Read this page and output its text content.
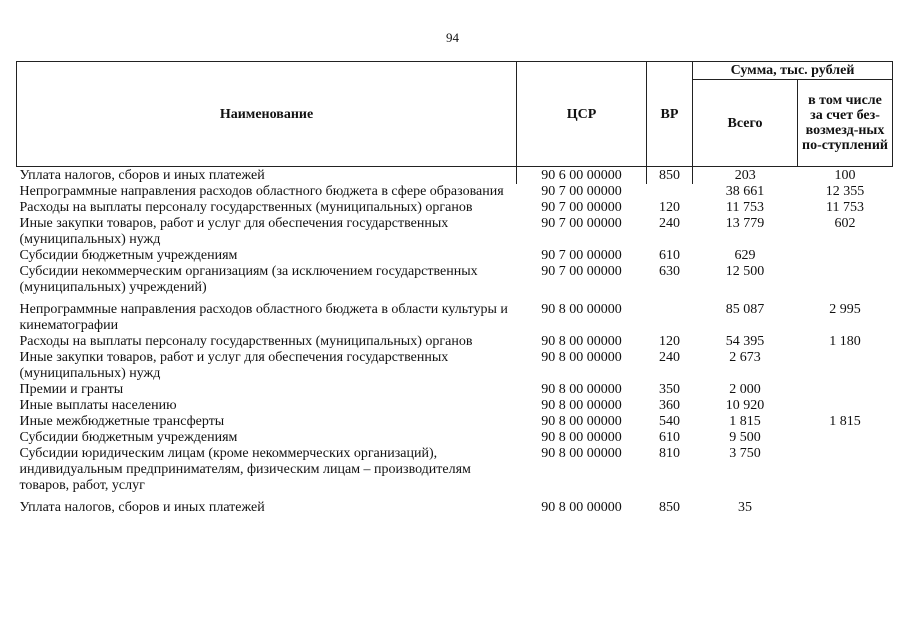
94
Наименование	ЦСР	ВР	Сумма, тыс. рублей	
			Всего	в том числе за счет без-возмезд-ных по-ступлений
Уплата налогов, сборов и иных платежей	90 6 00 00000	850	203	100
Непрограммные направления расходов областного бюджета в сфере образования	90 7 00 00000		38 661	12 355
Расходы на выплаты персоналу государственных (муниципальных) органов	90 7 00 00000	120	11 753	11 753
Иные закупки товаров, работ и услуг для обеспечения государственных (муниципальных) нужд	90 7 00 00000	240	13 779	602
Субсидии бюджетным учреждениям	90 7 00 00000	610	629	
Субсидии некоммерческим организациям (за исключением государственных (муниципальных) учреждений)	90 7 00 00000	630	12 500	
Непрограммные направления расходов областного бюджета в области культуры и кинематографии	90 8 00 00000		85 087	2 995
Расходы на выплаты персоналу государственных (муниципальных) органов	90 8 00 00000	120	54 395	1 180
Иные закупки товаров, работ и услуг для обеспечения государственных (муниципальных) нужд	90 8 00 00000	240	2 673	
Премии и гранты	90 8 00 00000	350	2 000	
Иные выплаты населению	90 8 00 00000	360	10 920	
Иные межбюджетные трансферты	90 8 00 00000	540	1 815	1 815
Субсидии бюджетным учреждениям	90 8 00 00000	610	9 500	
Субсидии юридическим лицам (кроме некоммерческих организаций), индивидуальным предпринимателям, физическим лицам – производителям товаров, работ, услуг	90 8 00 00000	810	3 750	
Уплата налогов, сборов и иных платежей	90 8 00 00000	850	35	
